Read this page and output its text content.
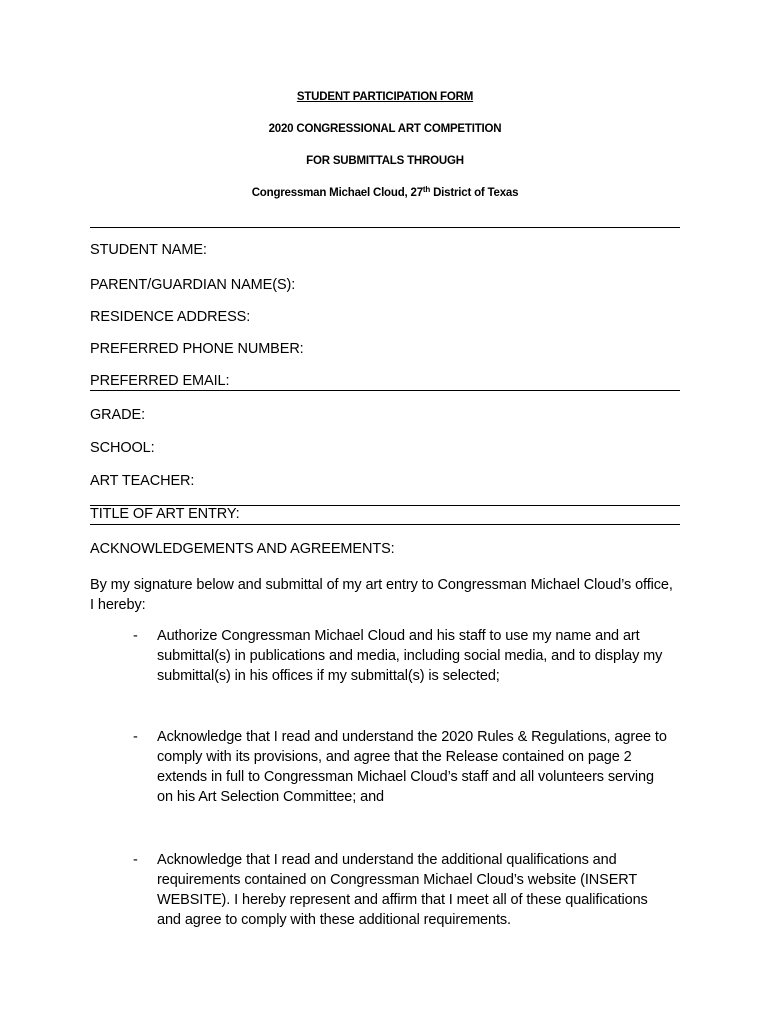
STUDENT PARTICIPATION FORM
2020 CONGRESSIONAL ART COMPETITION
FOR SUBMITTALS THROUGH
Congressman Michael Cloud, 27th District of Texas
STUDENT NAME:
PARENT/GUARDIAN NAME(S):
RESIDENCE ADDRESS:
PREFERRED PHONE NUMBER:
PREFERRED EMAIL:
GRADE:
SCHOOL:
ART TEACHER:
TITLE OF ART ENTRY:
ACKNOWLEDGEMENTS AND AGREEMENTS:
By my signature below and submittal of my art entry to Congressman Michael Cloud’s office, I hereby:
- Authorize Congressman Michael Cloud and his staff to use my name and art submittal(s) in publications and media, including social media, and to display my submittal(s) in his offices if my submittal(s) is selected;
- Acknowledge that I read and understand the 2020 Rules & Regulations, agree to comply with its provisions, and agree that the Release contained on page 2 extends in full to Congressman Michael Cloud’s staff and all volunteers serving on his Art Selection Committee; and
- Acknowledge that I read and understand the additional qualifications and requirements contained on Congressman Michael Cloud’s website (INSERT WEBSITE). I hereby represent and affirm that I meet all of these qualifications and agree to comply with these additional requirements.
